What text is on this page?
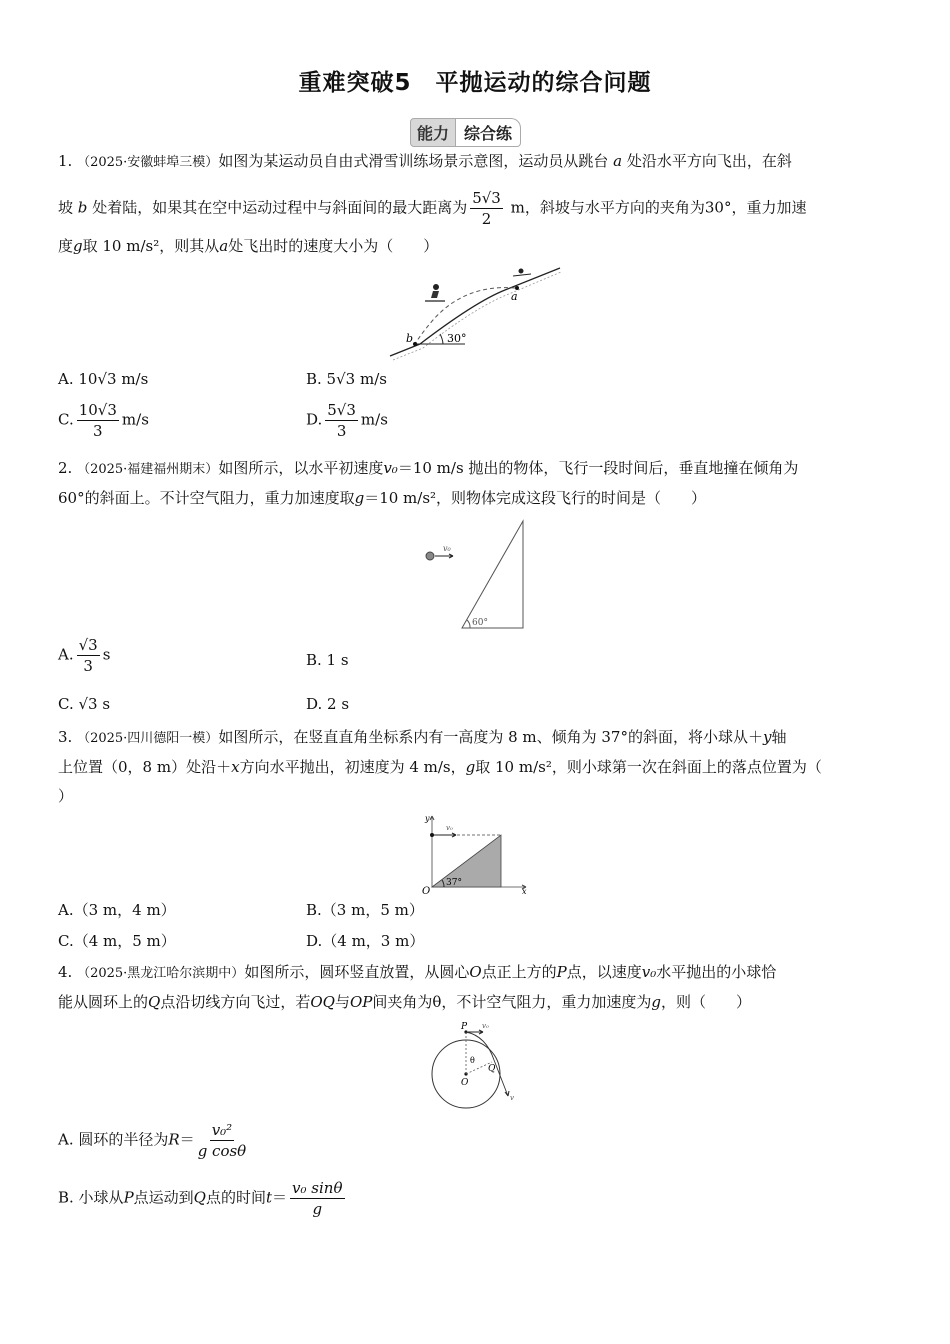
重难突破5　平抛运动的综合问题
能力 综合练
1. （2025·安徽蚌埠三模）如图为某运动员自由式滑雪训练场景示意图，运动员从跳台 a 处沿水平方向飞出，在斜
坡 b 处着陆，如果其在空中运动过程中与斜面间的最大距离为 $\frac{5√3}{2}$ m，斜坡与水平方向的夹角为30°，重力加速
度g取 10 m/s²，则其从a处飞出时的速度大小为（　　）
30°
a
b
A. 10√3 m/s	B. 5√3 m/s
C. $\frac{10√3}{3} m/s$	D. $\frac{5√3}{3} m/s$
2. （2025·福建福州期末）如图所示，以水平初速度v₀＝10 m/s 抛出的物体，飞行一段时间后，垂直地撞在倾角为
60°的斜面上。不计空气阻力，重力加速度取g＝10 m/s²，则物体完成这段飞行的时间是（　　）
v₀
60°
A. $\frac{√3}{3}$ s	B. 1 s
C. √3 s	D. 2 s
3. （2025·四川德阳一模）如图所示，在竖直直角坐标系内有一高度为 8 m、倾角为 37°的斜面，将小球从＋y轴
上位置（0，8 m）处沿＋x方向水平抛出，初速度为 4 m/s，g取 10 m/s²，则小球第一次在斜面上的落点位置为（
）
y
x
O
v₀
37°
A.（3 m，4 m）	B.（3 m，5 m）
C.（4 m，5 m）	D.（4 m，3 m）
4. （2025·黑龙江哈尔滨期中）如图所示，圆环竖直放置，从圆心O点正上方的P点，以速度v₀水平抛出的小球恰
能从圆环上的Q点沿切线方向飞过，若OQ与OP间夹角为θ，不计空气阻力，重力加速度为g，则（　　）
v₀
v
P
O
Q
θ
A. 圆环的半径为$R= \frac{\text{v₀²}}{\text{g cosθ}}$
B. 小球从P点运动到Q点的时间$t= \frac{\text{v₀ sinθ}}{g}$
